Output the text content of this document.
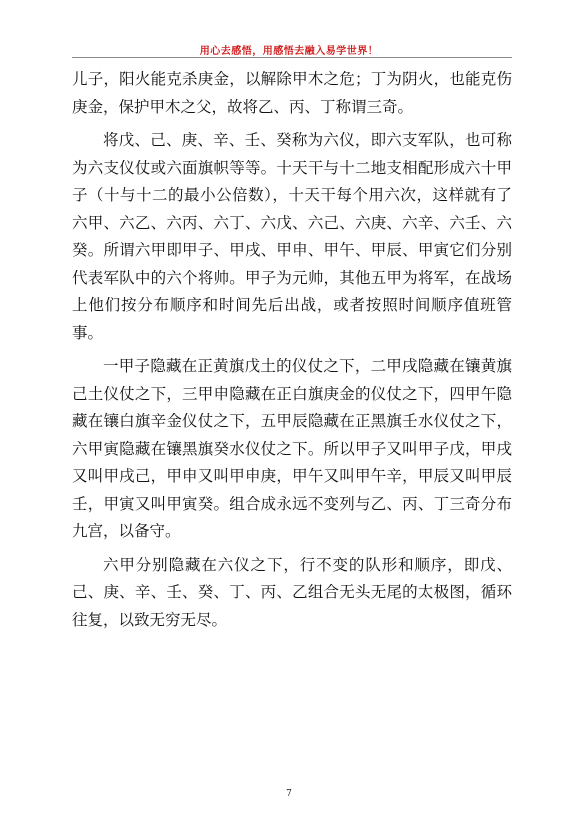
用心去感悟，用感悟去融入易学世界！

儿子，阳火能克杀庚金，以解除甲木之危；丁为阴火，也能克伤庚金，保护甲木之父，故将乙、丙、丁称谓三奇。

将戊、己、庚、辛、壬、癸称为六仪，即六支军队，也可称为六支仪仗或六面旗帜等等。十天干与十二地支相配形成六十甲子（十与十二的最小公倍数），十天干每个用六次，这样就有了六甲、六乙、六丙、六丁、六戊、六己、六庚、六辛、六壬、六癸。所谓六甲即甲子、甲戌、甲申、甲午、甲辰、甲寅它们分别代表军队中的六个将帅。甲子为元帅，其他五甲为将军，在战场上他们按分布顺序和时间先后出战，或者按照时间顺序值班管事。

一甲子隐藏在正黄旗戊土的仪仗之下，二甲戌隐藏在镶黄旗己土仪仗之下，三甲申隐藏在正白旗庚金的仪仗之下，四甲午隐藏在镶白旗辛金仪仗之下，五甲辰隐藏在正黑旗壬水仪仗之下，六甲寅隐藏在镶黑旗癸水仪仗之下。所以甲子又叫甲子戊，甲戌又叫甲戌己，甲申又叫甲申庚，甲午又叫甲午辛，甲辰又叫甲辰壬，甲寅又叫甲寅癸。组合成永远不变列与乙、丙、丁三奇分布九宫，以备守。

六甲分别隐藏在六仪之下，行不变的队形和顺序，即戊、己、庚、辛、壬、癸、丁、丙、乙组合无头无尾的太极图，循环往复，以致无穷无尽。

7
